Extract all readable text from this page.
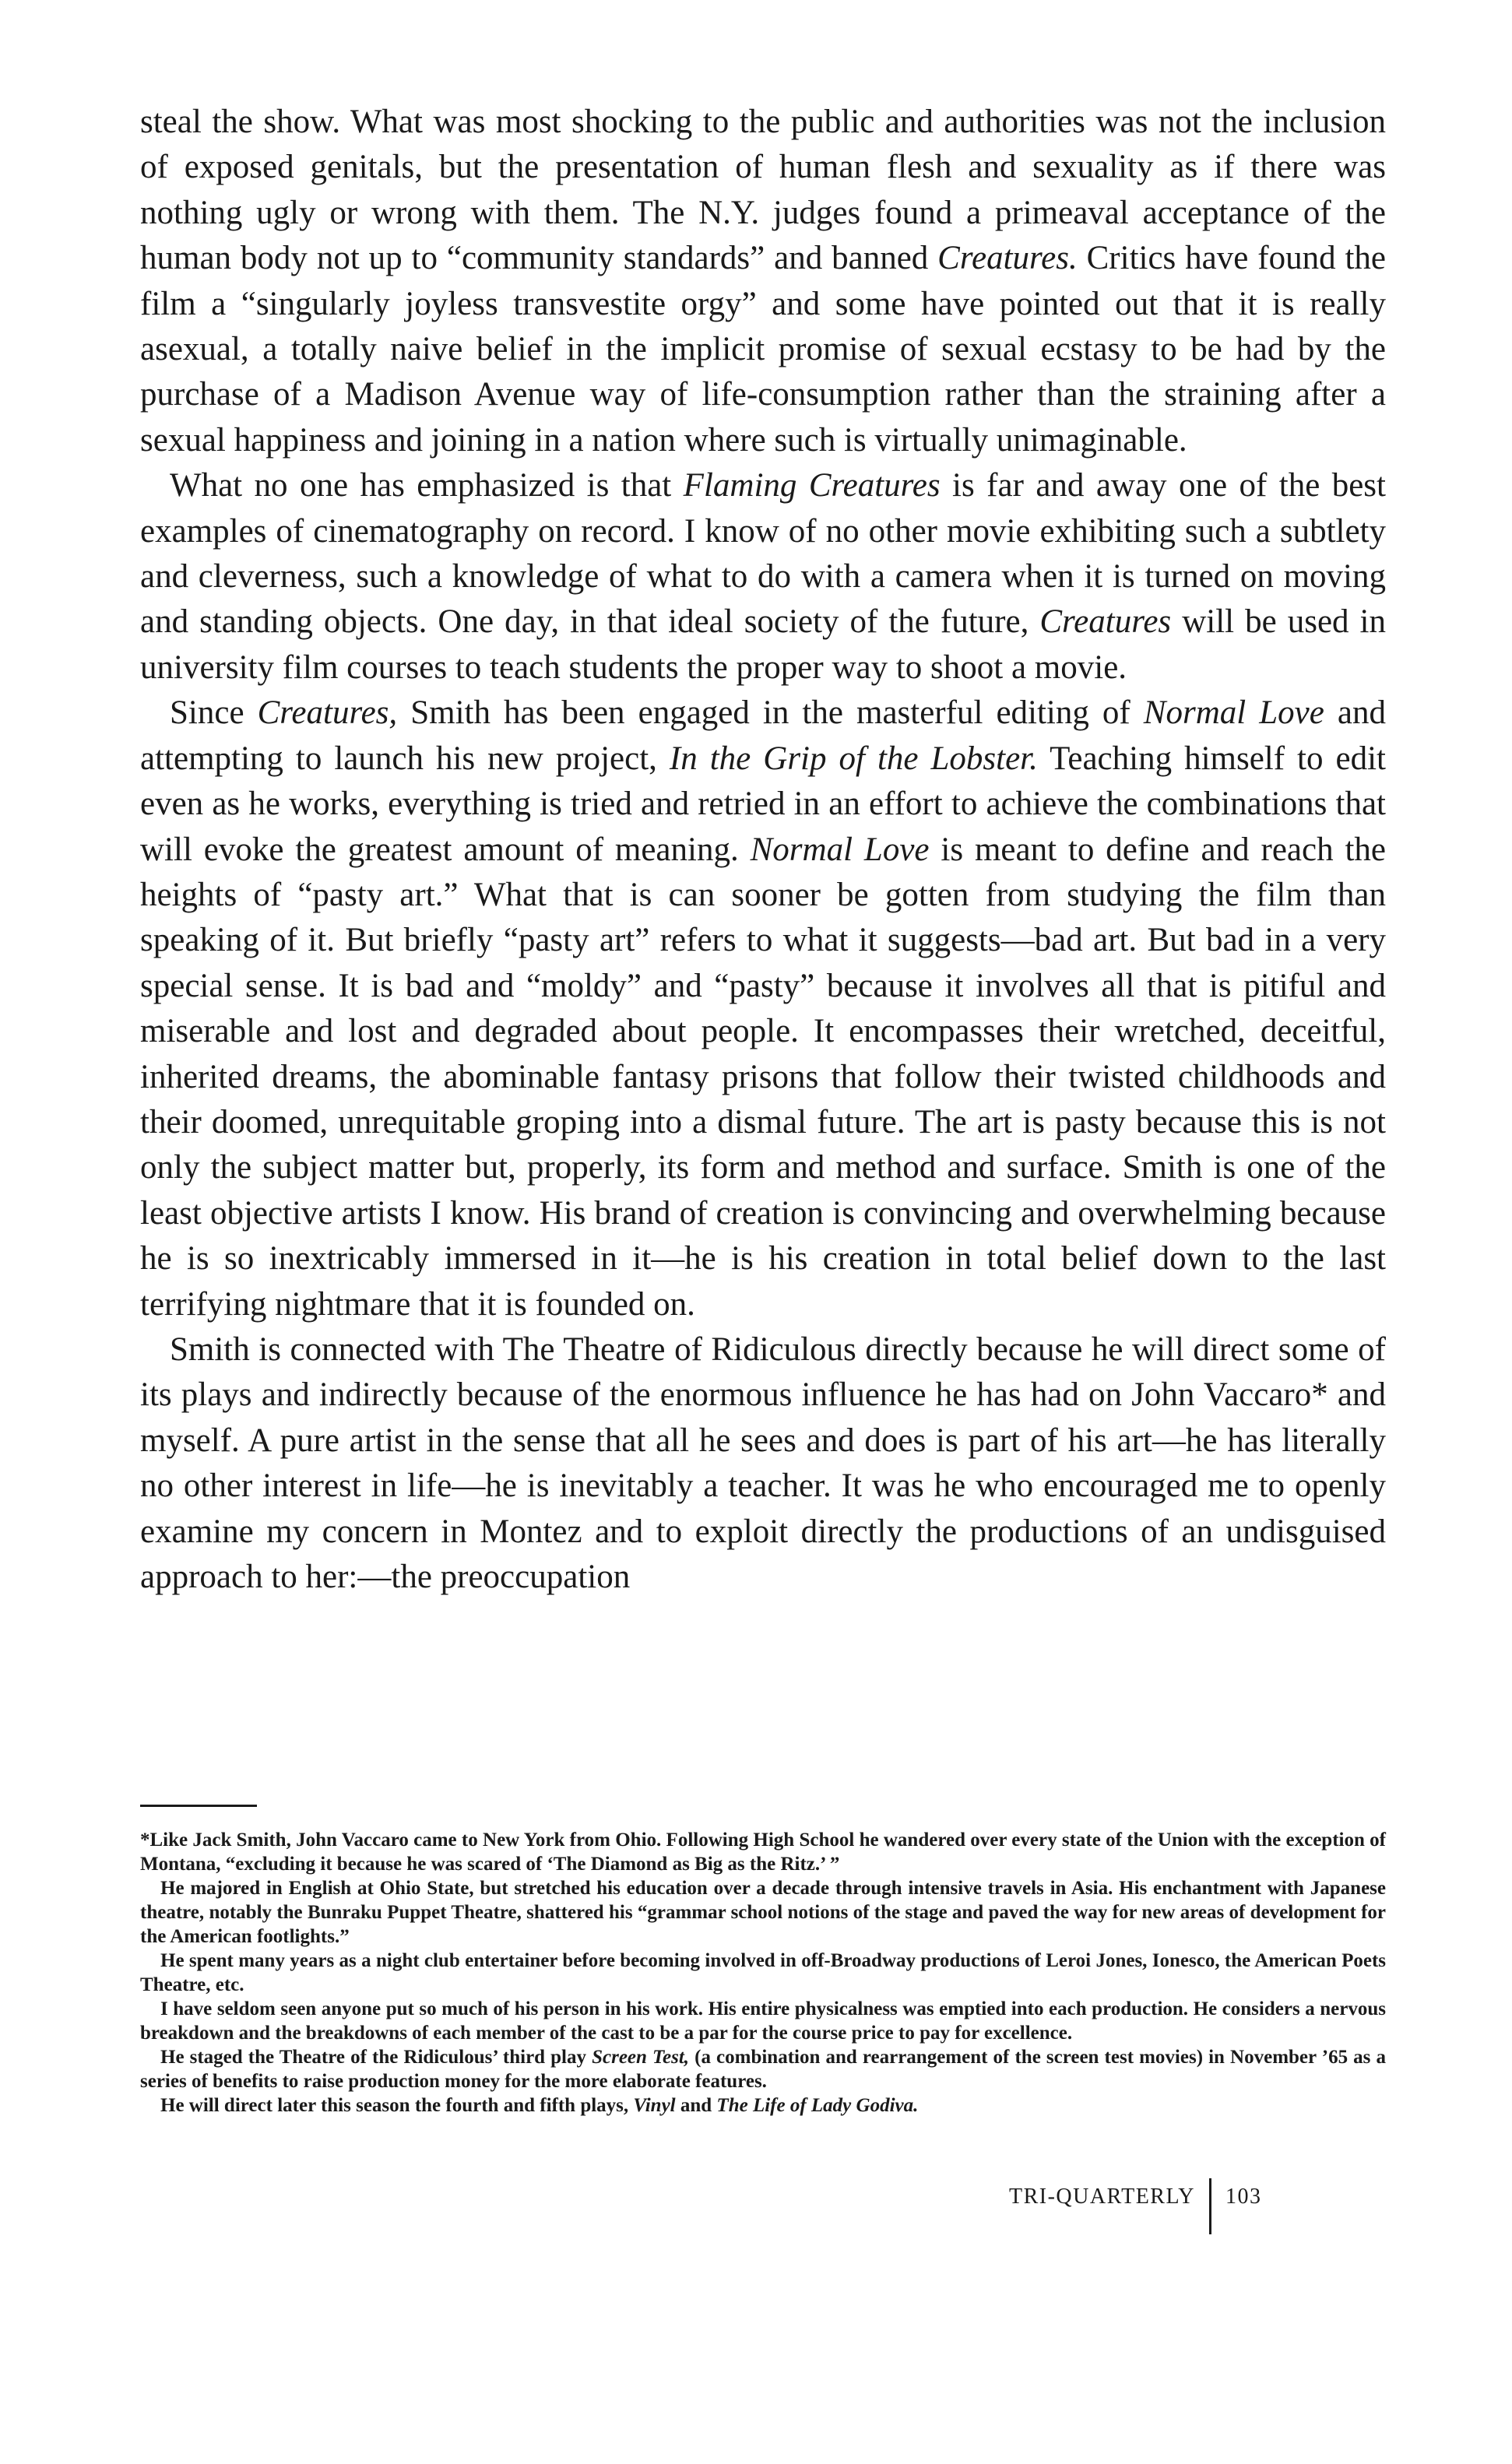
steal the show. What was most shocking to the public and authorities was not the inclusion of exposed genitals, but the presentation of human flesh and sexuality as if there was nothing ugly or wrong with them. The N.Y. judges found a primeaval acceptance of the human body not up to “community standards” and banned Creatures. Critics have found the film a “singularly joyless transvestite orgy” and some have pointed out that it is really asexual, a totally naive belief in the implicit promise of sexual ecstasy to be had by the purchase of a Madison Avenue way of life-consumption rather than the straining after a sexual happiness and joining in a nation where such is virtually unimaginable.

What no one has emphasized is that Flaming Creatures is far and away one of the best examples of cinematography on record. I know of no other movie exhibiting such a subtlety and cleverness, such a knowledge of what to do with a camera when it is turned on moving and standing objects. One day, in that ideal society of the future, Creatures will be used in university film courses to teach students the proper way to shoot a movie.

Since Creatures, Smith has been engaged in the masterful editing of Normal Love and attempting to launch his new project, In the Grip of the Lobster. Teaching himself to edit even as he works, everything is tried and retried in an effort to achieve the combinations that will evoke the greatest amount of meaning. Normal Love is meant to define and reach the heights of “pasty art.” What that is can sooner be gotten from studying the film than speaking of it. But briefly “pasty art” refers to what it suggests—bad art. But bad in a very special sense. It is bad and “moldy” and “pasty” because it involves all that is pitiful and miserable and lost and degraded about people. It encompasses their wretched, deceitful, inherited dreams, the abominable fantasy prisons that follow their twisted childhoods and their doomed, unrequitable groping into a dismal future. The art is pasty because this is not only the subject matter but, properly, its form and method and surface. Smith is one of the least objective artists I know. His brand of creation is convincing and overwhelming because he is so inextricably immersed in it—he is his creation in total belief down to the last terrifying nightmare that it is founded on.

Smith is connected with The Theatre of Ridiculous directly because he will direct some of its plays and indirectly because of the enormous influence he has had on John Vaccaro* and myself. A pure artist in the sense that all he sees and does is part of his art—he has literally no other interest in life—he is inevitably a teacher. It was he who encouraged me to openly examine my concern in Montez and to exploit directly the productions of an undisguised approach to her:—the preoccupation

*Like Jack Smith, John Vaccaro came to New York from Ohio. Following High School he wandered over every state of the Union with the exception of Montana, “excluding it because he was scared of ‘The Diamond as Big as the Ritz.’ ”

He majored in English at Ohio State, but stretched his education over a decade through intensive travels in Asia. His enchantment with Japanese theatre, notably the Bunraku Puppet Theatre, shattered his “grammar school notions of the stage and paved the way for new areas of development for the American footlights.”

He spent many years as a night club entertainer before becoming involved in off-Broadway productions of Leroi Jones, Ionesco, the American Poets Theatre, etc.

I have seldom seen anyone put so much of his person in his work. His entire physicalness was emptied into each production. He considers a nervous breakdown and the breakdowns of each member of the cast to be a par for the course price to pay for excellence.

He staged the Theatre of the Ridiculous’ third play Screen Test, (a combination and rearrangement of the screen test movies) in November ’65 as a series of benefits to raise production money for the more elaborate features.

He will direct later this season the fourth and fifth plays, Vinyl and The Life of Lady Godiva.

TRI-QUARTERLY	103
